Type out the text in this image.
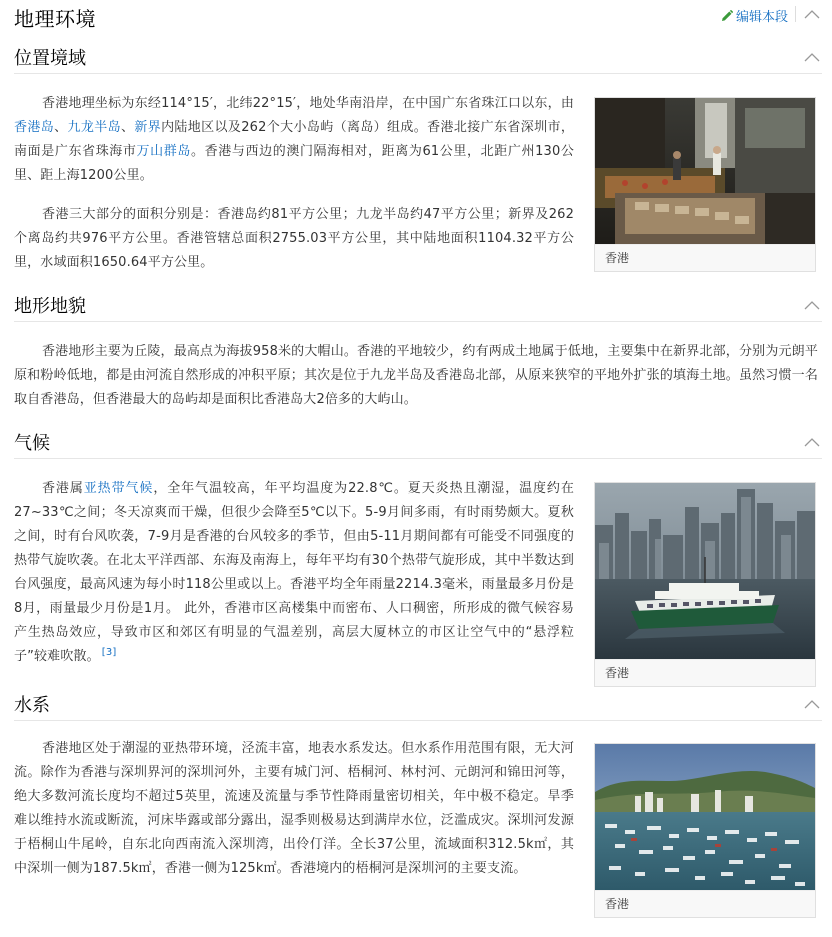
地理环境	编辑本段
位置境域

香港地理坐标为东经114°15′，北纬22°15′，地处华南沿岸，在中国广东省珠江口以东，由香港岛、九龙半岛、新界内陆地区以及262个大小岛屿（离岛）组成。香港北接广东省深圳市，南面是广东省珠海市万山群岛。香港与西边的澳门隔海相对，距离为61公里，北距广州130公里、距上海1200公里。

香港三大部分的面积分别是：香港岛约81平方公里；九龙半岛约47平方公里；新界及262个离岛约共976平方公里。香港管辖总面积2755.03平方公里，其中陆地面积1104.32平方公里，水域面积1650.64平方公里。	香港
地形地貌

香港地形主要为丘陵，最高点为海拔958米的大帽山。香港的平地较少，约有两成土地属于低地，主要集中在新界北部，分别为元朗平原和粉岭低地，都是由河流自然形成的冲积平原；其次是位于九龙半岛及香港岛北部，从原来狭窄的平地外扩张的填海土地。虽然习惯一名取自香港岛，但香港最大的岛屿却是面积比香港岛大2倍多的大屿山。

气候

香港属亚热带气候，全年气温较高，年平均温度为22.8℃。夏天炎热且潮湿，温度约在27~33℃之间；冬天凉爽而干燥，但很少会降至5℃以下。5-9月间多雨，有时雨势颇大。夏秋之间，时有台风吹袭，7-9月是香港的台风较多的季节，但由5-11月期间都有可能受不同强度的热带气旋吹袭。在北太平洋西部、东海及南海上，每年平均有30个热带气旋形成，其中半数达到台风强度，最高风速为每小时118公里或以上。香港平均全年雨量2214.3毫米，雨量最多月份是8月，雨量最少月份是1月。 此外，香港市区高楼集中而密布、人口稠密，所形成的微气候容易产生热岛效应，导致市区和郊区有明显的气温差别，高层大厦林立的市区让空气中的“悬浮粒子”较难吹散。 [3]

香港
水系

香港地区处于潮湿的亚热带环境，泾流丰富，地表水系发达。但水系作用范围有限，无大河流。除作为香港与深圳界河的深圳河外，主要有城门河、梧桐河、林村河、元朗河和锦田河等，绝大多数河流长度均不超过5英里，流速及流量与季节性降雨量密切相关，年中极不稳定。旱季难以维持水流或断流，河床毕露或部分露出，湿季则极易达到满岸水位，泛滥成灾。深圳河发源于梧桐山牛尾岭，自东北向西南流入深圳湾，出伶仃洋。全长37公里，流域面积312.5k㎡，其中深圳一侧为187.5k㎡，香港一侧为125k㎡。香港境内的梧桐河是深圳河的主要支流。

香港
